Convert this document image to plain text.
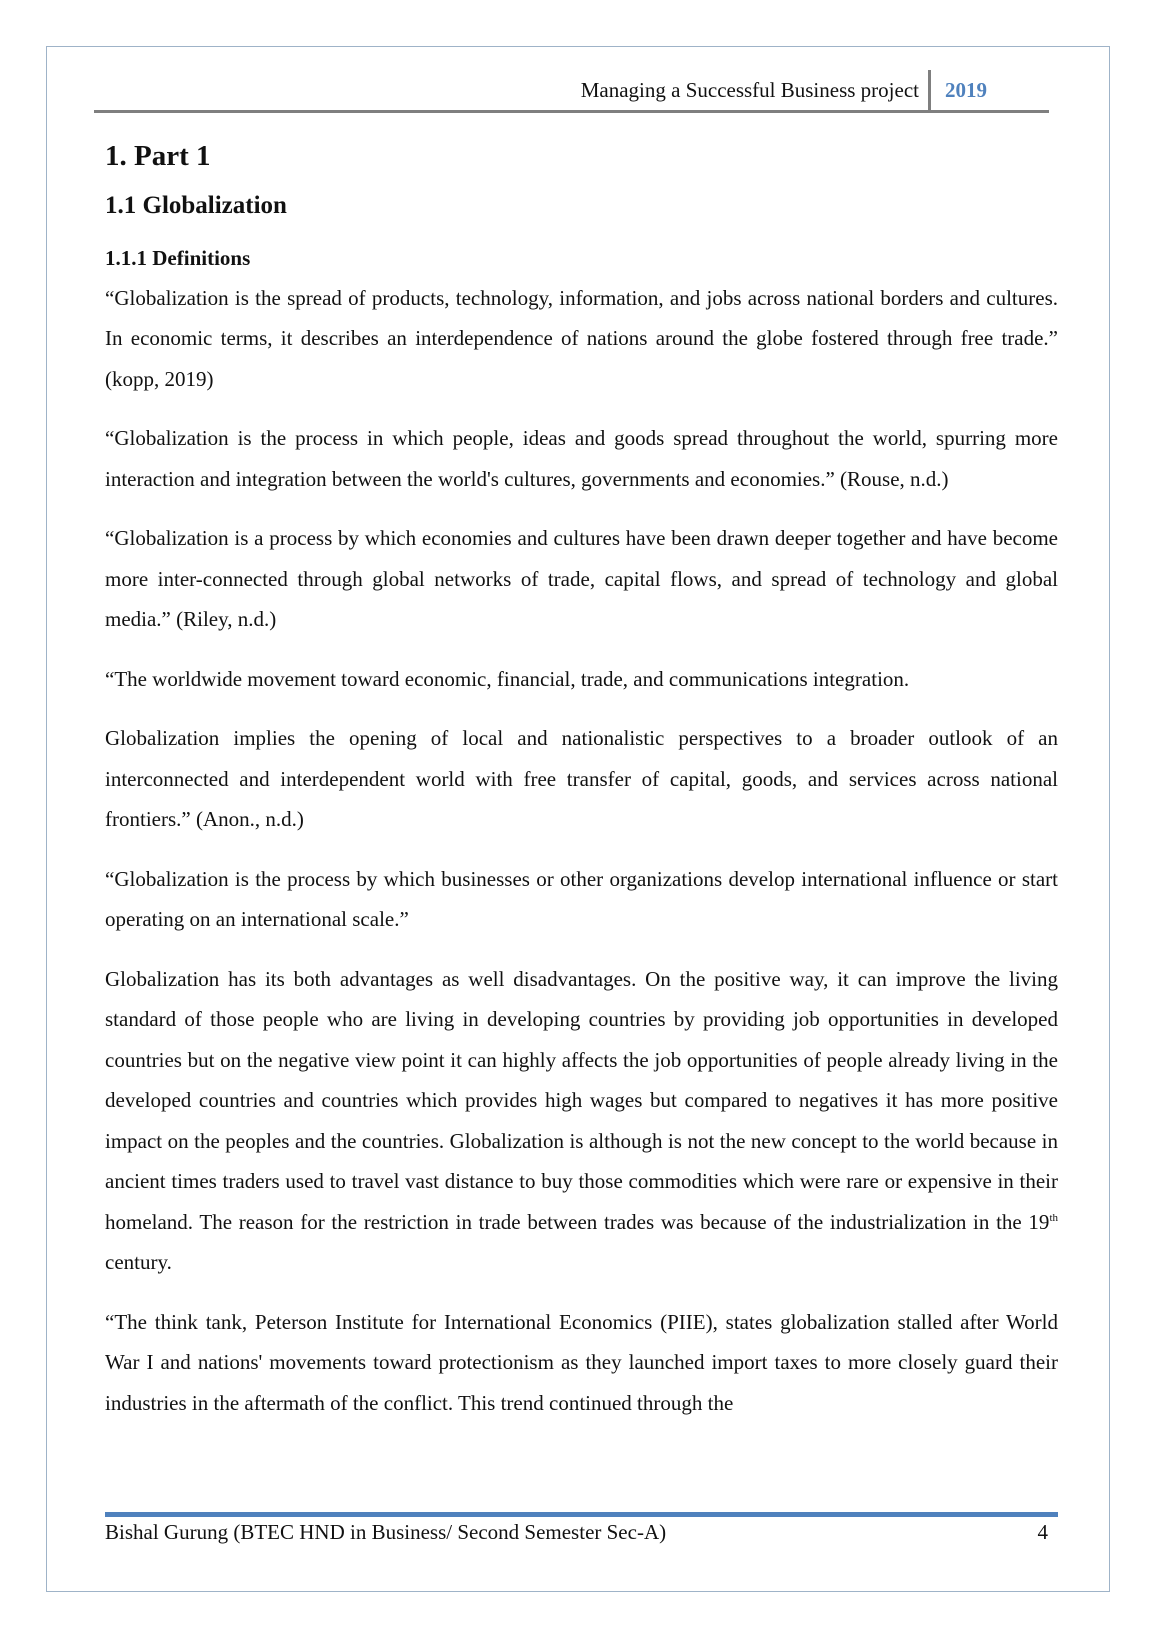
Managing a Successful Business project 2019
1. Part 1
1.1 Globalization
1.1.1 Definitions

“Globalization is the spread of products, technology, information, and jobs across national borders and cultures. In economic terms, it describes an interdependence of nations around the globe fostered through free trade.” (kopp, 2019)

“Globalization is the process in which people, ideas and goods spread throughout the world, spurring more interaction and integration between the world's cultures, governments and economies.” (Rouse, n.d.)

“Globalization is a process by which economies and cultures have been drawn deeper together and have become more inter-connected through global networks of trade, capital flows, and spread of technology and global media.” (Riley, n.d.)

“The worldwide movement toward economic, financial, trade, and communications integration.

Globalization implies the opening of local and nationalistic perspectives to a broader outlook of an interconnected and interdependent world with free transfer of capital, goods, and services across national frontiers.” (Anon., n.d.)

“Globalization is the process by which businesses or other organizations develop international influence or start operating on an international scale.”

Globalization has its both advantages as well disadvantages. On the positive way, it can improve the living standard of those people who are living in developing countries by providing job opportunities in developed countries but on the negative view point it can highly affects the job opportunities of people already living in the developed countries and countries which provides high wages but compared to negatives it has more positive impact on the peoples and the countries. Globalization is although is not the new concept to the world because in ancient times traders used to travel vast distance to buy those commodities which were rare or expensive in their homeland. The reason for the restriction in trade between trades was because of the industrialization in the 19th century.

“The think tank, Peterson Institute for International Economics (PIIE), states globalization stalled after World War I and nations' movements toward protectionism as they launched import taxes to more closely guard their industries in the aftermath of the conflict. This trend continued through the

Bishal Gurung (BTEC HND in Business/ Second Semester Sec-A)	4
